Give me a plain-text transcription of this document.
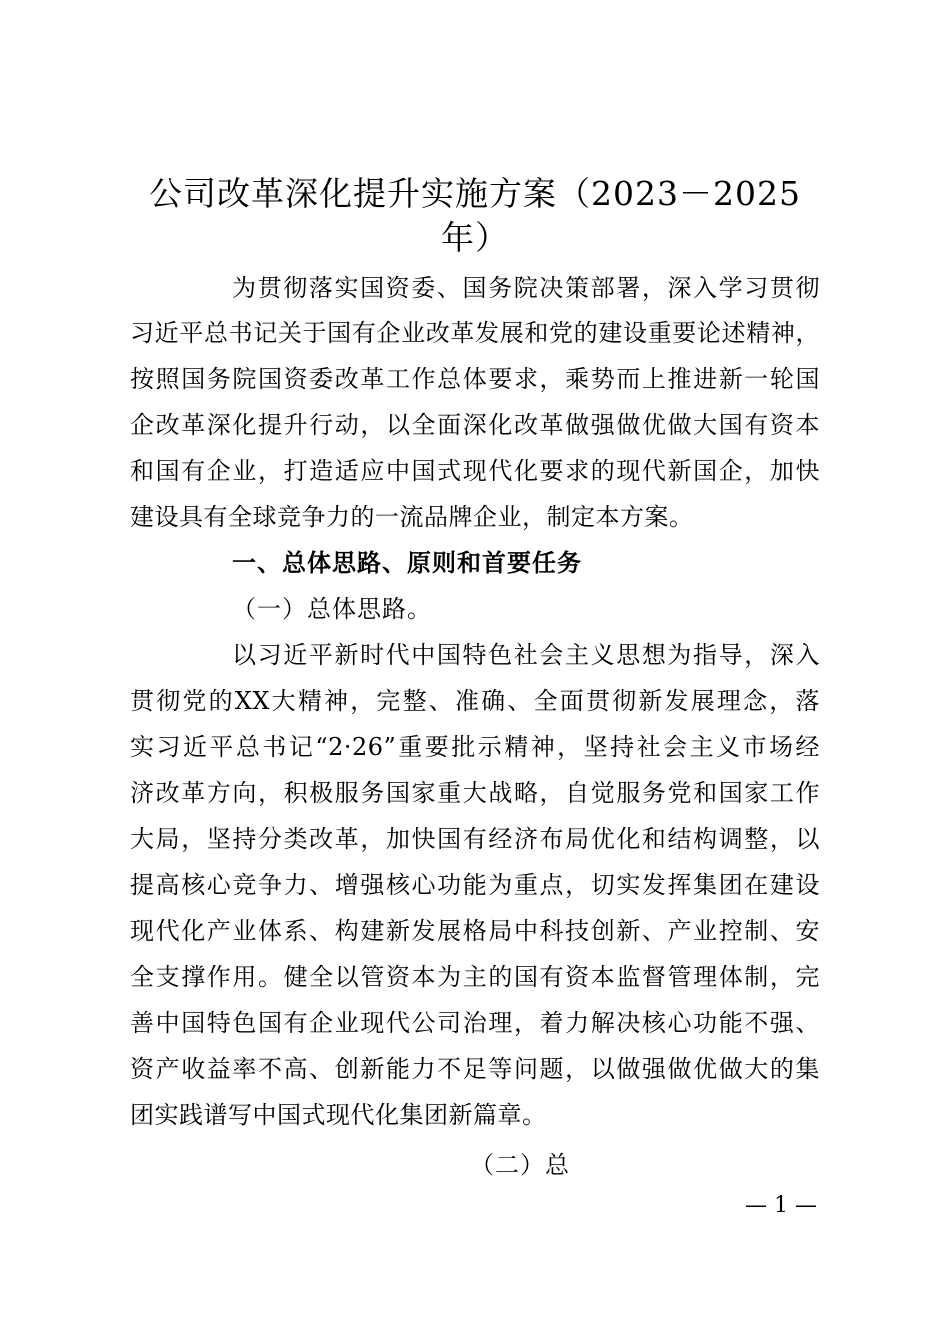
公司改革深化提升实施方案（2023－2025
年）
为贯彻落实国资委、国务院决策部署，深入学习贯彻
习近平总书记关于国有企业改革发展和党的建设重要论述精神，
按照国务院国资委改革工作总体要求，乘势而上推进新一轮国
企改革深化提升行动，以全面深化改革做强做优做大国有资本
和国有企业，打造适应中国式现代化要求的现代新国企，加快
建设具有全球竞争力的一流品牌企业，制定本方案。
一、总体思路、原则和首要任务
（一）总体思路。
以习近平新时代中国特色社会主义思想为指导，深入
贯彻党的XX大精神，完整、准确、全面贯彻新发展理念，落
实习近平总书记“2·26”重要批示精神，坚持社会主义市场经
济改革方向，积极服务国家重大战略，自觉服务党和国家工作
大局，坚持分类改革，加快国有经济布局优化和结构调整，以
提高核心竞争力、增强核心功能为重点，切实发挥集团在建设
现代化产业体系、构建新发展格局中科技创新、产业控制、安
全支撑作用。健全以管资本为主的国有资本监督管理体制，完
善中国特色国有企业现代公司治理，着力解决核心功能不强、
资产收益率不高、创新能力不足等问题，以做强做优做大的集
团实践谱写中国式现代化集团新篇章。
（二）总
— 1 —
